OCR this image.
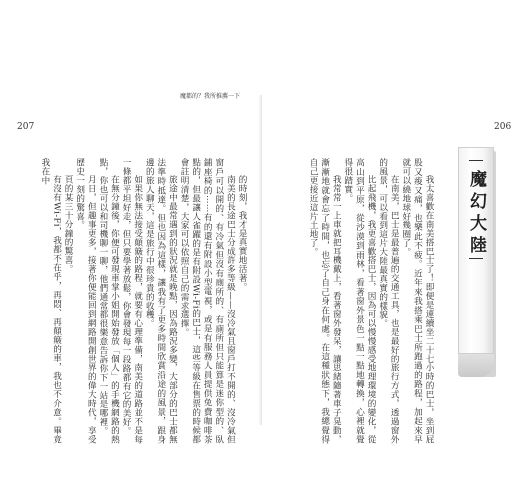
魔都的？我所推薦一下
207

的時刻，我才是真實地活著。

南美的長途巴士分成許多等級——沒冷氣且窗戶打不開的、沒冷氣但窗戶可以開的、有冷氣但沒有廁所的、有廁所但只能算是迷你型的、臥鋪座椅的⋯⋯有的還有附設小型電視，或是有服務人員提供免費咖啡茶點的，但最讓人雀躍的是有附設Wi-Fi的巴士，這些等級在售票的時候都會註明清楚，大家可以依照自己的需求選擇。

旅途中最常遇到的狀況就是晚點，因為路況多變，大部分的巴士都無法準時抵達。但也因為這樣，讓我有了更多時間欣賞沿途的風景，跟身邊的旅人聊天，這是旅行中很珍貴的收穫。

如果你無法接受顛簸的路程，就要有心理準備，南美的道路並不是每一條都平坦好走，但只要學著放鬆，你會發現每一段路都有它的美好。

在無分鐘後，你便可發現車掌小姐開始發放「個人」的手機網路的熱點，你也可以和司機聊一聊，他們通常都很樂意告訴你下一站是哪裡。

月日，但趣事更多，接著你便能回到網路開創世界的偉大時代，享受歷史一刻的驚喜。

頁的某三十分鐘的驚喜。

有沒有Wi-Fi，我都不在乎，再悶、再顛簸的車，我也不介意。畢竟我在中

206

我太喜歡在南美搭巴士了！即便是連續坐二十七小時的巴士，坐到屁股又痠又痛，也樂此不疲。近年來我搭乘巴士所跑過的路程，加起來早就可以繞地球好幾圈了。

在南美，巴士是最普遍的交通工具，也是最好的旅行方式，透過窗外的風景，可以看到這片大陸最真實的樣貌。

比起飛機，我更喜歡搭巴士，因為可以慢慢感受地理環境的變化，從高山到平原，從沙漠到雨林，看著窗外景色一點一點地轉換，心裡就覺得很踏實。

我常常一上車就把耳機戴上，看著窗外發呆，讓思緒隨著車子晃動，漸漸地就會忘了時間，也忘了自己身在何處。在這種狀態下，我總覺得自己更接近這片土地了。	魔幻大陸
